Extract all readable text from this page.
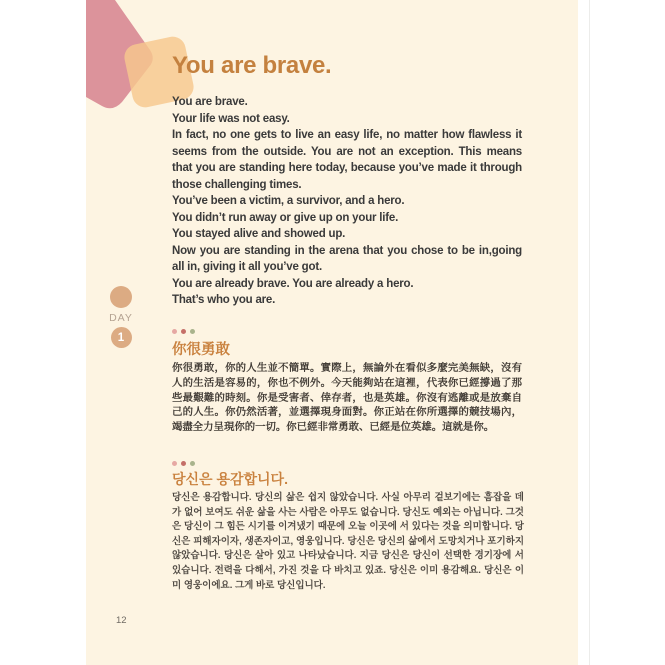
You are brave.

You are brave.

Your life was not easy.

In fact, no one gets to live an easy life, no matter how flawless it seems from the outside. You are not an exception. This means that you are standing here today, because you’ve made it through those challenging times.

You’ve been a victim, a survivor, and a hero.

You didn’t run away or give up on your life.

You stayed alive and showed up.

Now you are standing in the arena that you chose to be in,going all in, giving it all you’ve got.

You are already brave. You are already a hero.

That’s who you are.

DAY
1
你很勇敢

你很勇敢，你的人生並不簡單。實際上，無論外在看似多麼完美無缺，沒有人的生活是容易的，你也不例外。今天能夠站在這裡，代表你已經撐過了那些最艱難的時刻。你是受害者、倖存者，也是英雄。你沒有逃離或是放棄自己的人生。你仍然活著，並選擇現身面對。你正站在你所選擇的競技場內，竭盡全力呈現你的一切。你已經非常勇敢、已經是位英雄。這就是你。

당신은 용감합니다.

당신은 용감합니다. 당신의 삶은 쉽지 않았습니다. 사실 아무리 겉보기에는 흠잡을 데가 없어 보여도 쉬운 삶을 사는 사람은 아무도 없습니다. 당신도 예외는 아닙니다. 그것은 당신이 그 힘든 시기를 이겨냈기 때문에 오늘 이곳에 서 있다는 것을 의미합니다. 당신은 피해자이자, 생존자이고, 영웅입니다. 당신은 당신의 삶에서 도망치거나 포기하지 않았습니다. 당신은 살아 있고 나타났습니다. 지금 당신은 당신이 선택한 경기장에 서 있습니다. 전력을 다해서, 가진 것을 다 바치고 있죠. 당신은 이미 용감해요. 당신은 이미 영웅이에요. 그게 바로 당신입니다.

12
